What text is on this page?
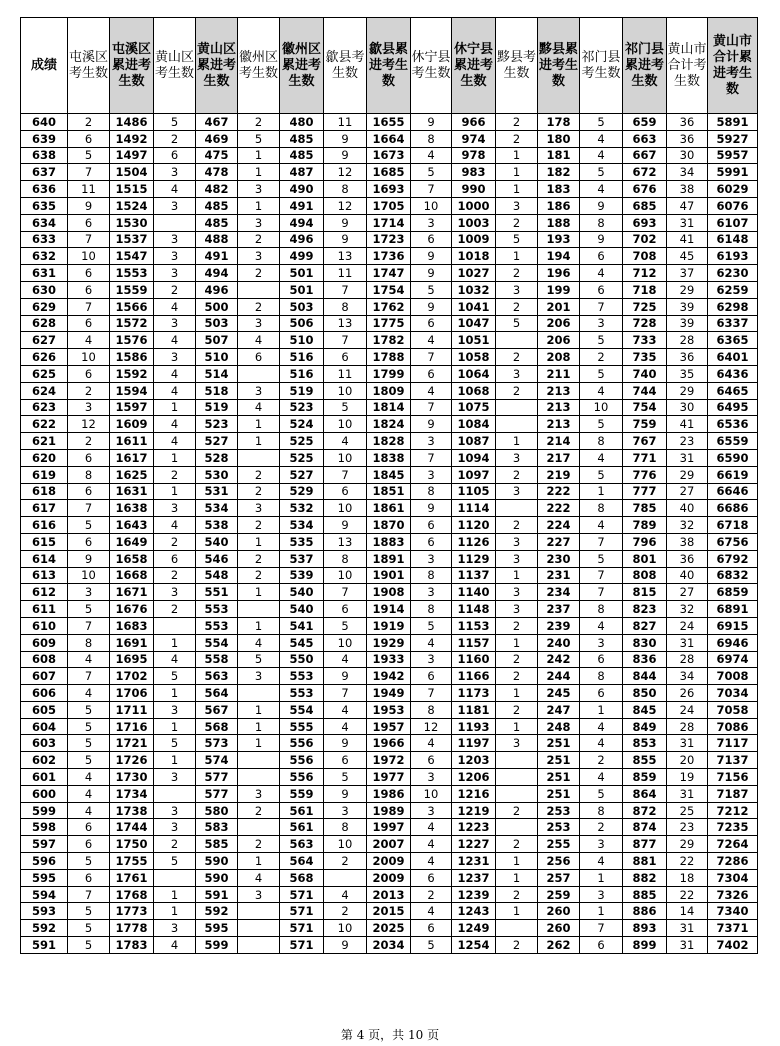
成绩	屯溪区考生数	屯溪区累进考生数	黄山区考生数	黄山区累进考生数	徽州区考生数	徽州区累进考生数	歙县考生数	歙县累进考生数	休宁县考生数	休宁县累进考生数	黟县考生数	黟县累进考生数	祁门县考生数	祁门县累进考生数	黄山市合计考生数	黄山市合计累进考生数
640	2	1486	5	467	2	480	11	1655	9	966	2	178	5	659	36	5891
639	6	1492	2	469	5	485	9	1664	8	974	2	180	4	663	36	5927
638	5	1497	6	475	1	485	9	1673	4	978	1	181	4	667	30	5957
637	7	1504	3	478	1	487	12	1685	5	983	1	182	5	672	34	5991
636	11	1515	4	482	3	490	8	1693	7	990	1	183	4	676	38	6029
635	9	1524	3	485	1	491	12	1705	10	1000	3	186	9	685	47	6076
634	6	1530		485	3	494	9	1714	3	1003	2	188	8	693	31	6107
633	7	1537	3	488	2	496	9	1723	6	1009	5	193	9	702	41	6148
632	10	1547	3	491	3	499	13	1736	9	1018	1	194	6	708	45	6193
631	6	1553	3	494	2	501	11	1747	9	1027	2	196	4	712	37	6230
630	6	1559	2	496		501	7	1754	5	1032	3	199	6	718	29	6259
629	7	1566	4	500	2	503	8	1762	9	1041	2	201	7	725	39	6298
628	6	1572	3	503	3	506	13	1775	6	1047	5	206	3	728	39	6337
627	4	1576	4	507	4	510	7	1782	4	1051		206	5	733	28	6365
626	10	1586	3	510	6	516	6	1788	7	1058	2	208	2	735	36	6401
625	6	1592	4	514		516	11	1799	6	1064	3	211	5	740	35	6436
624	2	1594	4	518	3	519	10	1809	4	1068	2	213	4	744	29	6465
623	3	1597	1	519	4	523	5	1814	7	1075		213	10	754	30	6495
622	12	1609	4	523	1	524	10	1824	9	1084		213	5	759	41	6536
621	2	1611	4	527	1	525	4	1828	3	1087	1	214	8	767	23	6559
620	6	1617	1	528		525	10	1838	7	1094	3	217	4	771	31	6590
619	8	1625	2	530	2	527	7	1845	3	1097	2	219	5	776	29	6619
618	6	1631	1	531	2	529	6	1851	8	1105	3	222	1	777	27	6646
617	7	1638	3	534	3	532	10	1861	9	1114		222	8	785	40	6686
616	5	1643	4	538	2	534	9	1870	6	1120	2	224	4	789	32	6718
615	6	1649	2	540	1	535	13	1883	6	1126	3	227	7	796	38	6756
614	9	1658	6	546	2	537	8	1891	3	1129	3	230	5	801	36	6792
613	10	1668	2	548	2	539	10	1901	8	1137	1	231	7	808	40	6832
612	3	1671	3	551	1	540	7	1908	3	1140	3	234	7	815	27	6859
611	5	1676	2	553		540	6	1914	8	1148	3	237	8	823	32	6891
610	7	1683		553	1	541	5	1919	5	1153	2	239	4	827	24	6915
609	8	1691	1	554	4	545	10	1929	4	1157	1	240	3	830	31	6946
608	4	1695	4	558	5	550	4	1933	3	1160	2	242	6	836	28	6974
607	7	1702	5	563	3	553	9	1942	6	1166	2	244	8	844	34	7008
606	4	1706	1	564		553	7	1949	7	1173	1	245	6	850	26	7034
605	5	1711	3	567	1	554	4	1953	8	1181	2	247	1	845	24	7058
604	5	1716	1	568	1	555	4	1957	12	1193	1	248	4	849	28	7086
603	5	1721	5	573	1	556	9	1966	4	1197	3	251	4	853	31	7117
602	5	1726	1	574		556	6	1972	6	1203		251	2	855	20	7137
601	4	1730	3	577		556	5	1977	3	1206		251	4	859	19	7156
600	4	1734		577	3	559	9	1986	10	1216		251	5	864	31	7187
599	4	1738	3	580	2	561	3	1989	3	1219	2	253	8	872	25	7212
598	6	1744	3	583		561	8	1997	4	1223		253	2	874	23	7235
597	6	1750	2	585	2	563	10	2007	4	1227	2	255	3	877	29	7264
596	5	1755	5	590	1	564	2	2009	4	1231	1	256	4	881	22	7286
595	6	1761		590	4	568		2009	6	1237	1	257	1	882	18	7304
594	7	1768	1	591	3	571	4	2013	2	1239	2	259	3	885	22	7326
593	5	1773	1	592		571	2	2015	4	1243	1	260	1	886	14	7340
592	5	1778	3	595		571	10	2025	6	1249		260	7	893	31	7371
591	5	1783	4	599		571	9	2034	5	1254	2	262	6	899	31	7402
第 4 页，共 10 页
